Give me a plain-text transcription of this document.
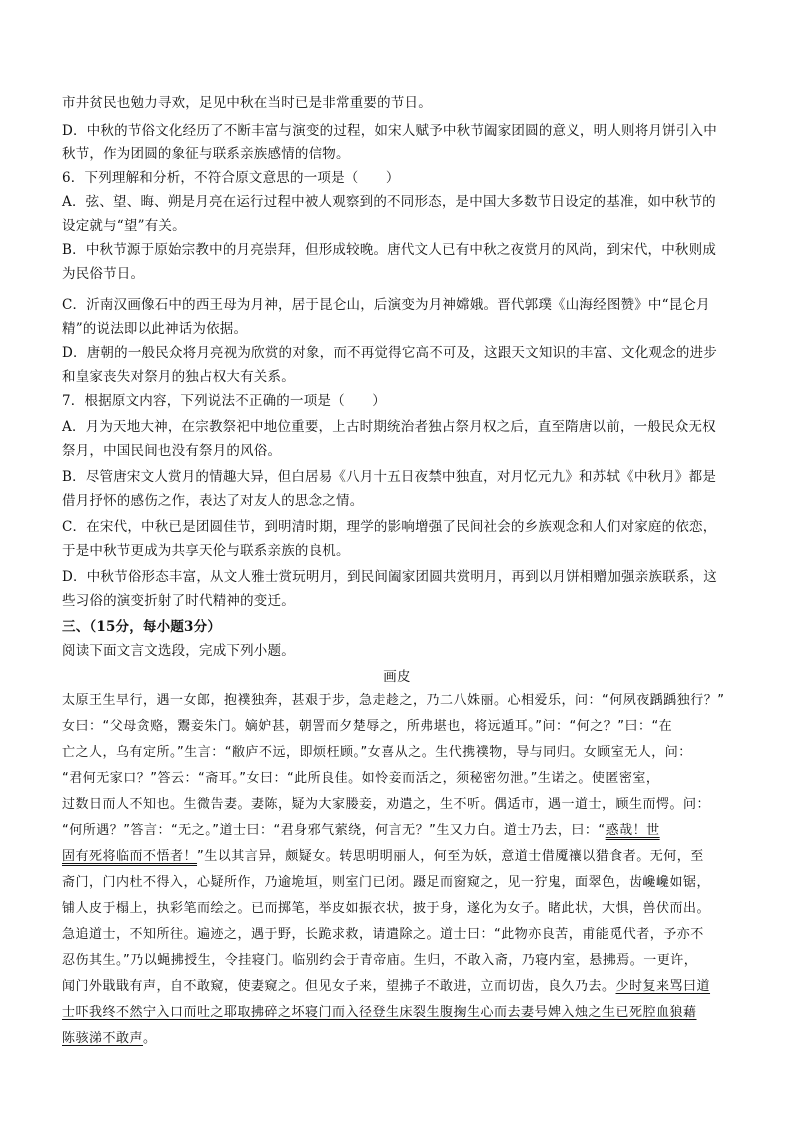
市井贫民也勉力寻欢，足见中秋在当时已是非常重要的节日。
D．中秋的节俗文化经历了不断丰富与演变的过程，如宋人赋予中秋节阖家团圆的意义，明人则将月饼引入中
秋节，作为团圆的象征与联系亲族感情的信物。
6．下列理解和分析，不符合原文意思的一项是（　　）
A．弦、望、晦、朔是月亮在运行过程中被人观察到的不同形态，是中国大多数节日设定的基准，如中秋节的
设定就与“望”有关。
B．中秋节源于原始宗教中的月亮崇拜，但形成较晚。唐代文人已有中秋之夜赏月的风尚，到宋代，中秋则成
为民俗节日。
C．沂南汉画像石中的西王母为月神，居于昆仑山，后演变为月神嫦娥。晋代郭璞《山海经图赞》中“昆仑月
精”的说法即以此神话为依据。
D．唐朝的一般民众将月亮视为欣赏的对象，而不再觉得它高不可及，这跟天文知识的丰富、文化观念的进步
和皇家丧失对祭月的独占权大有关系。
7．根据原文内容，下列说法不正确的一项是（　　）
A．月为天地大神，在宗教祭祀中地位重要，上古时期统治者独占祭月权之后，直至隋唐以前，一般民众无权
祭月，中国民间也没有祭月的风俗。
B．尽管唐宋文人赏月的情趣大异，但白居易《八月十五日夜禁中独直，对月忆元九》和苏轼《中秋月》都是
借月抒怀的感伤之作，表达了对友人的思念之情。
C．在宋代，中秋已是团圆佳节，到明清时期，理学的影响增强了民间社会的乡族观念和人们对家庭的依恋，
于是中秋节更成为共享天伦与联系亲族的良机。
D．中秋节俗形态丰富，从文人雅士赏玩明月，到民间阖家团圆共赏明月，再到以月饼相赠加强亲族联系，这
些习俗的演变折射了时代精神的变迁。
三、（15分，每小题3分）
阅读下面文言文选段，完成下列小题。
画皮
太原王生早行，遇一女郎，抱襆独奔，甚艰于步，急走趁之，乃二八姝丽。心相爱乐，问：“何夙夜踽踽独行？”
女曰：“父母贪赂，鬻妾朱门。嫡妒甚，朝詈而夕楚辱之，所弗堪也，将远遁耳。”问：“何之？”曰：“在
亡之人，乌有定所。”生言：“敝庐不远，即烦枉顾。”女喜从之。生代携襆物，导与同归。女顾室无人，问：
“君何无家口？”答云：“斋耳。”女曰：“此所良佳。如怜妾而活之，须秘密勿泄。”生诺之。使匿密室，
过数日而人不知也。生微告妻。妻陈，疑为大家媵妾，劝遣之，生不听。偶适市，遇一道士，顾生而愕。问：
“何所遇？”答言：“无之。”道士曰：“君身邪气萦绕，何言无？”生又力白。道士乃去，曰：“惑哉！世
固有死将临而不悟者！”生以其言异，颇疑女。转思明明丽人，何至为妖，意道士借魇禳以猎食者。无何，至
斋门，门内杜不得入，心疑所作，乃逾垝垣，则室门已闭。蹑足而窗窥之，见一狞鬼，面翠色，齿巉巉如锯，
铺人皮于榻上，执彩笔而绘之。已而掷笔，举皮如振衣状，披于身，遂化为女子。睹此状，大惧，兽伏而出。
急追道士，不知所往。遍迹之，遇于野，长跪求救，请遣除之。道士曰：“此物亦良苦，甫能觅代者，予亦不
忍伤其生。”乃以蝇拂授生，令挂寝门。临别约会于青帝庙。生归，不敢入斋，乃寝内室，悬拂焉。一更许，
闻门外戢戢有声，自不敢窥，使妻窥之。但见女子来，望拂子不敢进，立而切齿，良久乃去。少时复来骂曰道
士吓我终不然宁入口而吐之耶取拂碎之坏寝门而入径登生床裂生腹掬生心而去妻号婢入烛之生已死腔血狼藉
陈骇涕不敢声。
